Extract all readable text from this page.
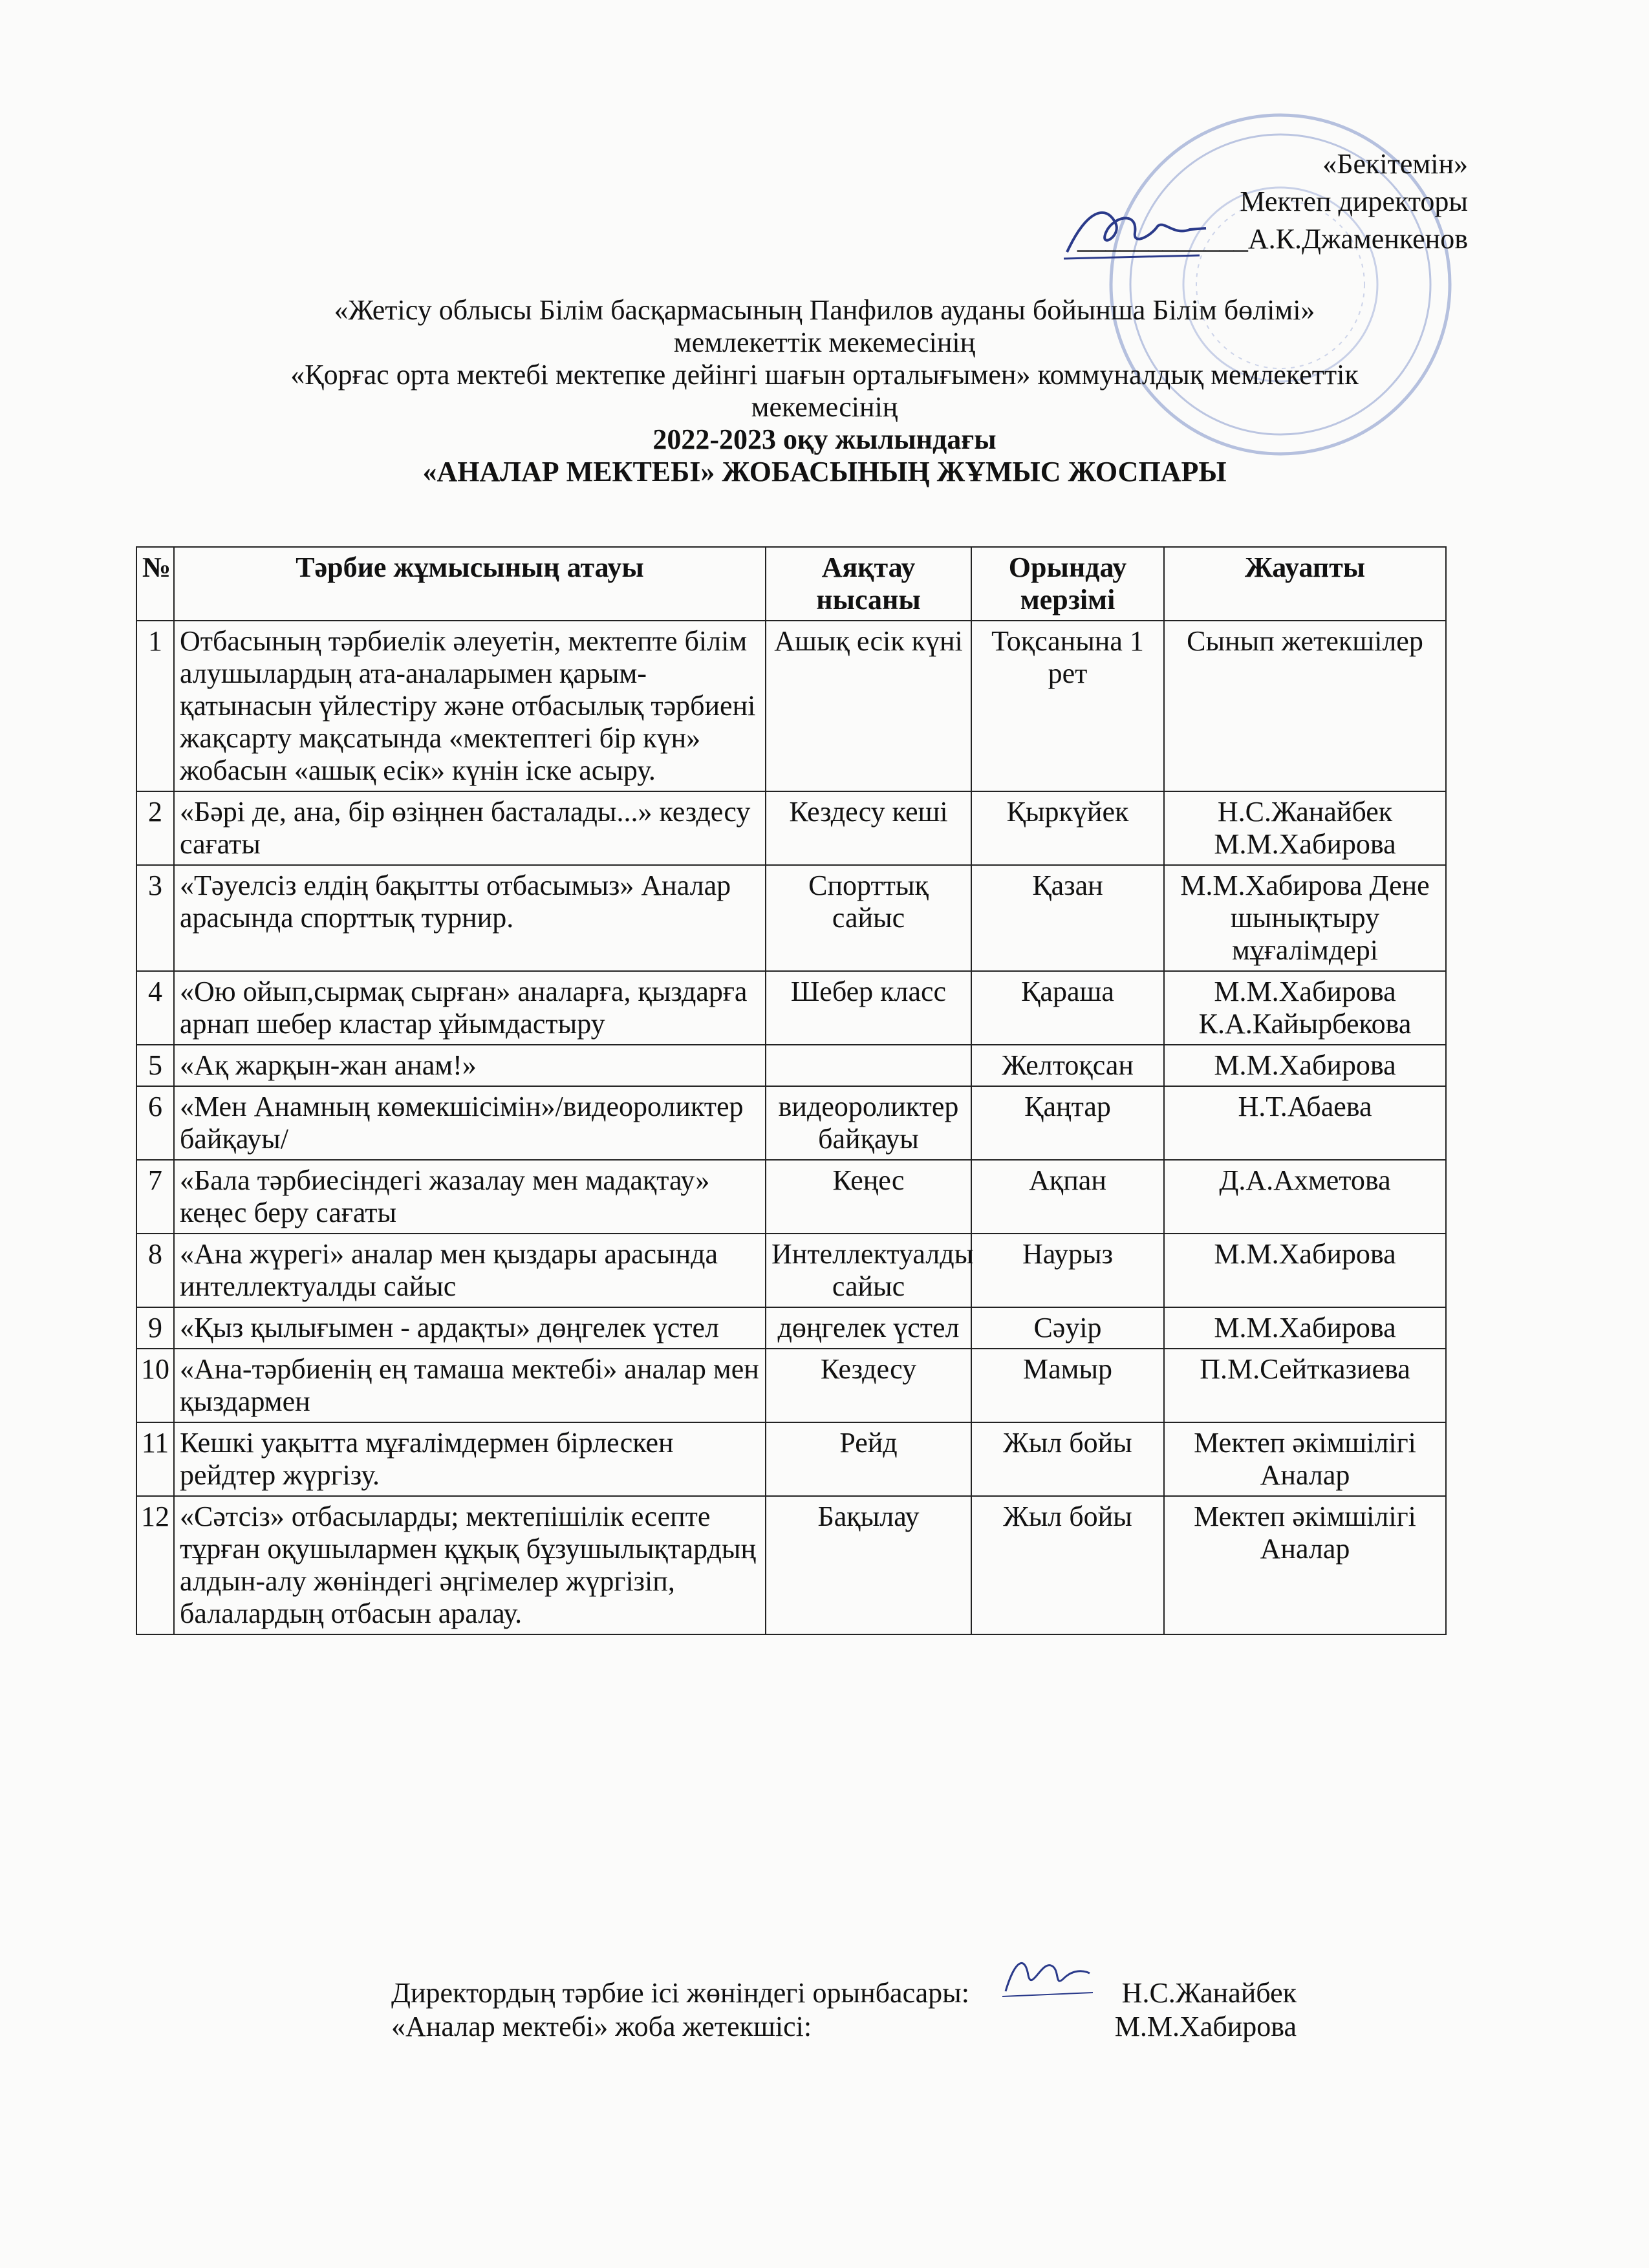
«Бекітемін»
Мектеп директоры
____________А.К.Джаменкенов
«Жетісу облысы Білім басқармасының Панфилов ауданы бойынша Білім бөлімі»
мемлекеттік мекемесінің
«Қорғас орта мектебі мектепке дейінгі шағын орталығымен» коммуналдық мемлекеттік
мекемесінің
2022-2023 оқу жылындағы
«АНАЛАР МЕКТЕБІ» ЖОБАСЫНЫҢ ЖҰМЫС ЖОСПАРЫ
№	Тәрбие жұмысының атауы	Аяқтау нысаны	Орындау мерзімі	Жауапты
1	Отбасының тәрбиелік әлеуетін, мектепте білім алушылардың ата-аналарымен қарым-қатынасын үйлестіру және отбасылық тәрбиені жақсарту мақсатында «мектептегі бір күн» жобасын «ашық есік» күнін іске асыру.	Ашық есік күні	Тоқсанына 1 рет	Сынып жетекшілер
2	«Бәрі де, ана, бір өзіңнен басталады...» кездесу сағаты	Кездесу кеші	Қыркүйек	Н.С.Жанайбек М.М.Хабирова
3	«Тәуелсіз елдің бақытты отбасымыз» Аналар арасында спорттық турнир.	Спорттық сайыс	Қазан	М.М.Хабирова Дене шынықтыру мұғалімдері
4	«Ою ойып,сырмақ сырған» аналарға, қыздарға арнап шебер кластар ұйымдастыру	Шебер класс	Қараша	М.М.Хабирова К.А.Кайырбекова
5	«Ақ жарқын-жан анам!»		Желтоқсан	М.М.Хабирова
6	«Мен Анамның көмекшісімін»/видеороликтер байқауы/	видеороликтер байқауы	Қаңтар	Н.Т.Абаева
7	«Бала тәрбиесіндегі жазалау мен мадақтау» кеңес беру сағаты	Кеңес	Ақпан	Д.А.Ахметова
8	«Ана жүрегі» аналар мен қыздары арасында интеллектуалды сайыс	Интеллектуалды сайыс	Наурыз	М.М.Хабирова
9	«Қыз қылығымен - ардақты» дөңгелек үстел	дөңгелек үстел	Сәуір	М.М.Хабирова
10	«Ана-тәрбиенің ең тамаша мектебі» аналар мен қыздармен	Кездесу	Мамыр	П.М.Сейтказиева
11	Кешкі уақытта мұғалімдермен бірлескен рейдтер жүргізу.	Рейд	Жыл бойы	Мектеп әкімшілігі Аналар
12	«Сәтсіз» отбасыларды; мектепішілік есепте тұрған оқушылармен құқық бұзушылықтардың алдын-алу жөніндегі әңгімелер жүргізіп, балалардың отбасын аралау.	Бақылау	Жыл бойы	Мектеп әкімшілігі Аналар
Директордың тәрбие ісі жөніндегі орынбасары:	Н.С.Жанайбек
«Аналар мектебі» жоба жетекшісі:	М.М.Хабирова
